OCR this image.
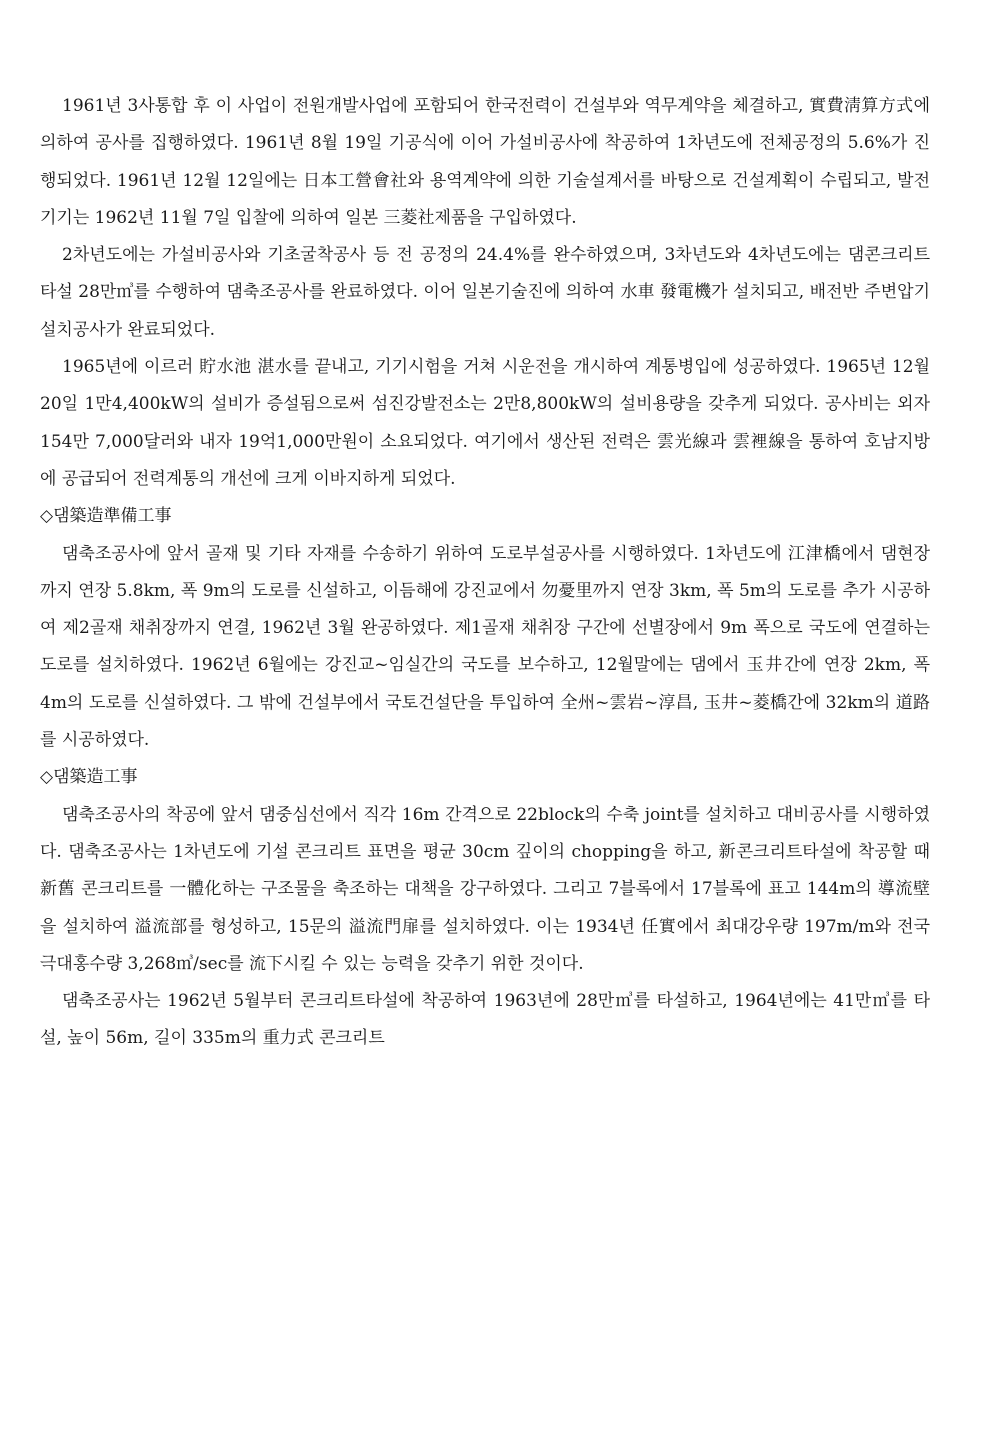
1961년 3사통합 후 이 사업이 전원개발사업에 포함되어 한국전력이 건설부와 역무계약을 체결하고, 實費淸算方式에 의하여 공사를 집행하였다. 1961년 8월 19일 기공식에 이어 가설비공사에 착공하여 1차년도에 전체공정의 5.6%가 진행되었다. 1961년 12월 12일에는 日本工營會社와 용역계약에 의한 기술설계서를 바탕으로 건설계획이 수립되고, 발전기기는 1962년 11월 7일 입찰에 의하여 일본 三菱社제품을 구입하였다.

2차년도에는 가설비공사와 기초굴착공사 등 전 공정의 24.4%를 완수하였으며, 3차년도와 4차년도에는 댐콘크리트타설 28만㎥를 수행하여 댐축조공사를 완료하였다. 이어 일본기술진에 의하여 水車 發電機가 설치되고, 배전반 주변압기 설치공사가 완료되었다.

1965년에 이르러 貯水池 湛水를 끝내고, 기기시험을 거쳐 시운전을 개시하여 계통병입에 성공하였다. 1965년 12월 20일 1만4,400kW의 설비가 증설됨으로써 섬진강발전소는 2만8,800kW의 설비용량을 갖추게 되었다. 공사비는 외자 154만 7,000달러와 내자 19억1,000만원이 소요되었다. 여기에서 생산된 전력은 雲光線과 雲裡線을 통하여 호남지방에 공급되어 전력계통의 개선에 크게 이바지하게 되었다.

◇댐築造準備工事

댐축조공사에 앞서 골재 및 기타 자재를 수송하기 위하여 도로부설공사를 시행하였다. 1차년도에 江津橋에서 댐현장까지 연장 5.8km, 폭 9m의 도로를 신설하고, 이듬해에 강진교에서 勿憂里까지 연장 3km, 폭 5m의 도로를 추가 시공하여 제2골재 채취장까지 연결, 1962년 3월 완공하였다. 제1골재 채취장 구간에 선별장에서 9m 폭으로 국도에 연결하는 도로를 설치하였다. 1962년 6월에는 강진교~임실간의 국도를 보수하고, 12월말에는 댐에서 玉井간에 연장 2km, 폭 4m의 도로를 신설하였다. 그 밖에 건설부에서 국토건설단을 투입하여 全州~雲岩~淳昌, 玉井~菱橋간에 32km의 道路를 시공하였다.

◇댐築造工事

댐축조공사의 착공에 앞서 댐중심선에서 직각 16m 간격으로 22block의 수축 joint를 설치하고 대비공사를 시행하였다. 댐축조공사는 1차년도에 기설 콘크리트 표면을 평균 30cm 깊이의 chopping을 하고, 新콘크리트타설에 착공할 때 新舊 콘크리트를 一體化하는 구조물을 축조하는 대책을 강구하였다. 그리고 7블록에서 17블록에 표고 144m의 導流壁을 설치하여 溢流部를 형성하고, 15문의 溢流門扉를 설치하였다. 이는 1934년 任實에서 최대강우량 197m/m와 전국 극대홍수량 3,268㎥/sec를 流下시킬 수 있는 능력을 갖추기 위한 것이다.

댐축조공사는 1962년 5월부터 콘크리트타설에 착공하여 1963년에 28만㎥를 타설하고, 1964년에는 41만㎥를 타설, 높이 56m, 길이 335m의 重力式 콘크리트
